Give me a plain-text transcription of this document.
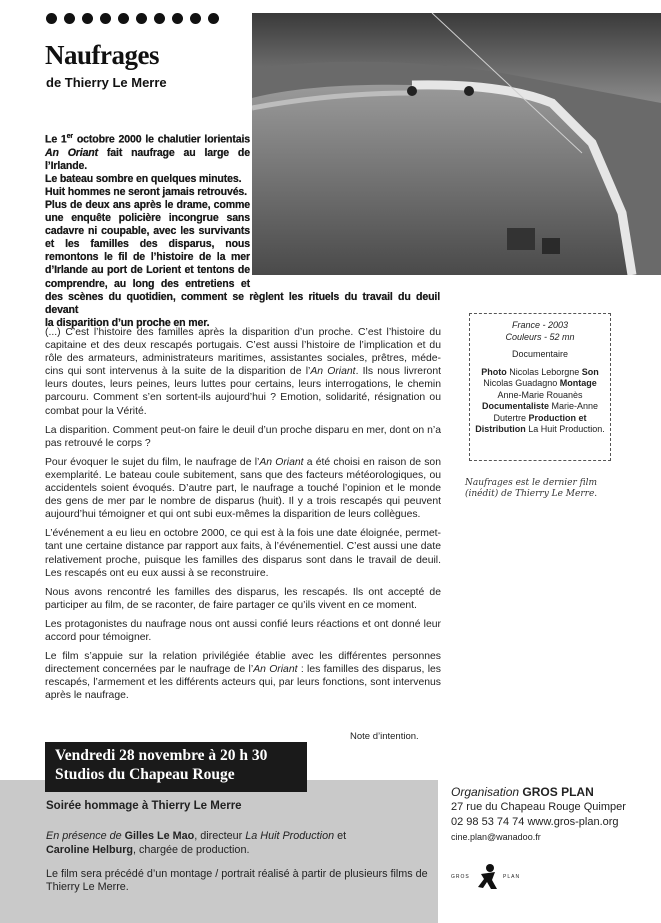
Naufrages
de Thierry Le Merre
Le 1er octobre 2000 le chalutier lorientais
An Oriant fait naufrage au large de
l’Irlande.
Le bateau sombre en quelques minutes.
Huit hommes ne seront jamais retrouvés.
Plus de deux ans après le drame, comme
une enquête policière incongrue sans
cadavre ni coupable, avec les survivants
et les familles des disparus, nous
remontons le fil de l’histoire de la mer
d’Irlande au port de Lorient et tentons de
comprendre, au long des entretiens et
des scènes du quotidien, comment se règlent les rituels du travail du deuil devant
la disparition d’un proche en mer.

(...) C’est l’histoire des familles après la disparition d’un proche. C’est l’histoire du capitaine et des deux rescapés portugais. C’est aussi l’histoire de l’implication et du rôle des armateurs, administrateurs maritimes, assistantes sociales, prêtres, méde-cins qui sont intervenus à la suite de la disparition de l’An Oriant. Ils nous livreront leurs doutes, leurs peines, leurs luttes pour certains, leurs interrogations, le chemin parcouru. Comment s’en sortent-ils aujourd’hui ? Emotion, solidarité, résignation ou combat pour la Vérité.

La disparition. Comment peut-on faire le deuil d’un proche disparu en mer, dont on n’a pas retrouvé le corps ?

Pour évoquer le sujet du film, le naufrage de l’An Oriant a été choisi en raison de son exemplarité. Le bateau coule subitement, sans que des facteurs météorologiques, ou accidentels soient évoqués. D’autre part, le naufrage a touché l’opinion et le monde des gens de mer par le nombre de disparus (huit). Il y a trois rescapés qui peuvent aujourd’hui témoigner et qui ont subi eux-mêmes la disparition de leurs collègues.

L’événement a eu lieu en octobre 2000, ce qui est à la fois une date éloignée, permet-tant une certaine distance par rapport aux faits, à l’événementiel. C’est aussi une date relativement proche, puisque les familles des disparus sont dans le travail de deuil. Les rescapés ont eu eux aussi à se reconstruire.

Nous avons rencontré les familles des disparus, les rescapés. Ils ont accepté de participer au film, de se raconter, de faire partager ce qu’ils vivent en ce moment.

Les protagonistes du naufrage nous ont aussi confié leurs réactions et ont donné leur accord pour témoigner.

Le film s’appuie sur la relation privilégiée établie avec les différentes personnes directement concernées par le naufrage de l’An Oriant : les familles des disparus, les rescapés, l’armement et les différents acteurs qui, par leurs fonctions, sont intervenus après le naufrage.

Note d’intention.
France - 2003
Couleurs - 52 mn
Documentaire
Photo Nicolas Leborgne Son Nicolas Guadagno Montage Anne-Marie Rouanès Documentaliste Marie-Anne Dutertre Production et Distribution La Huit Production.
Naufrages est le dernier film
(inédit) de Thierry Le Merre.
Vendredi 28 novembre à 20 h 30
Studios du Chapeau Rouge
Soirée hommage à Thierry Le Merre
En présence de Gilles Le Mao, directeur La Huit Production et
Caroline Helburg, chargée de production.
Le film sera précédé d’un montage / portrait réalisé à partir de plusieurs films de Thierry Le Merre.
Organisation GROS PLAN
27 rue du Chapeau Rouge Quimper
02 98 53 74 74 www.gros-plan.org
cine.plan@wanadoo.fr
GROS	PLAN
